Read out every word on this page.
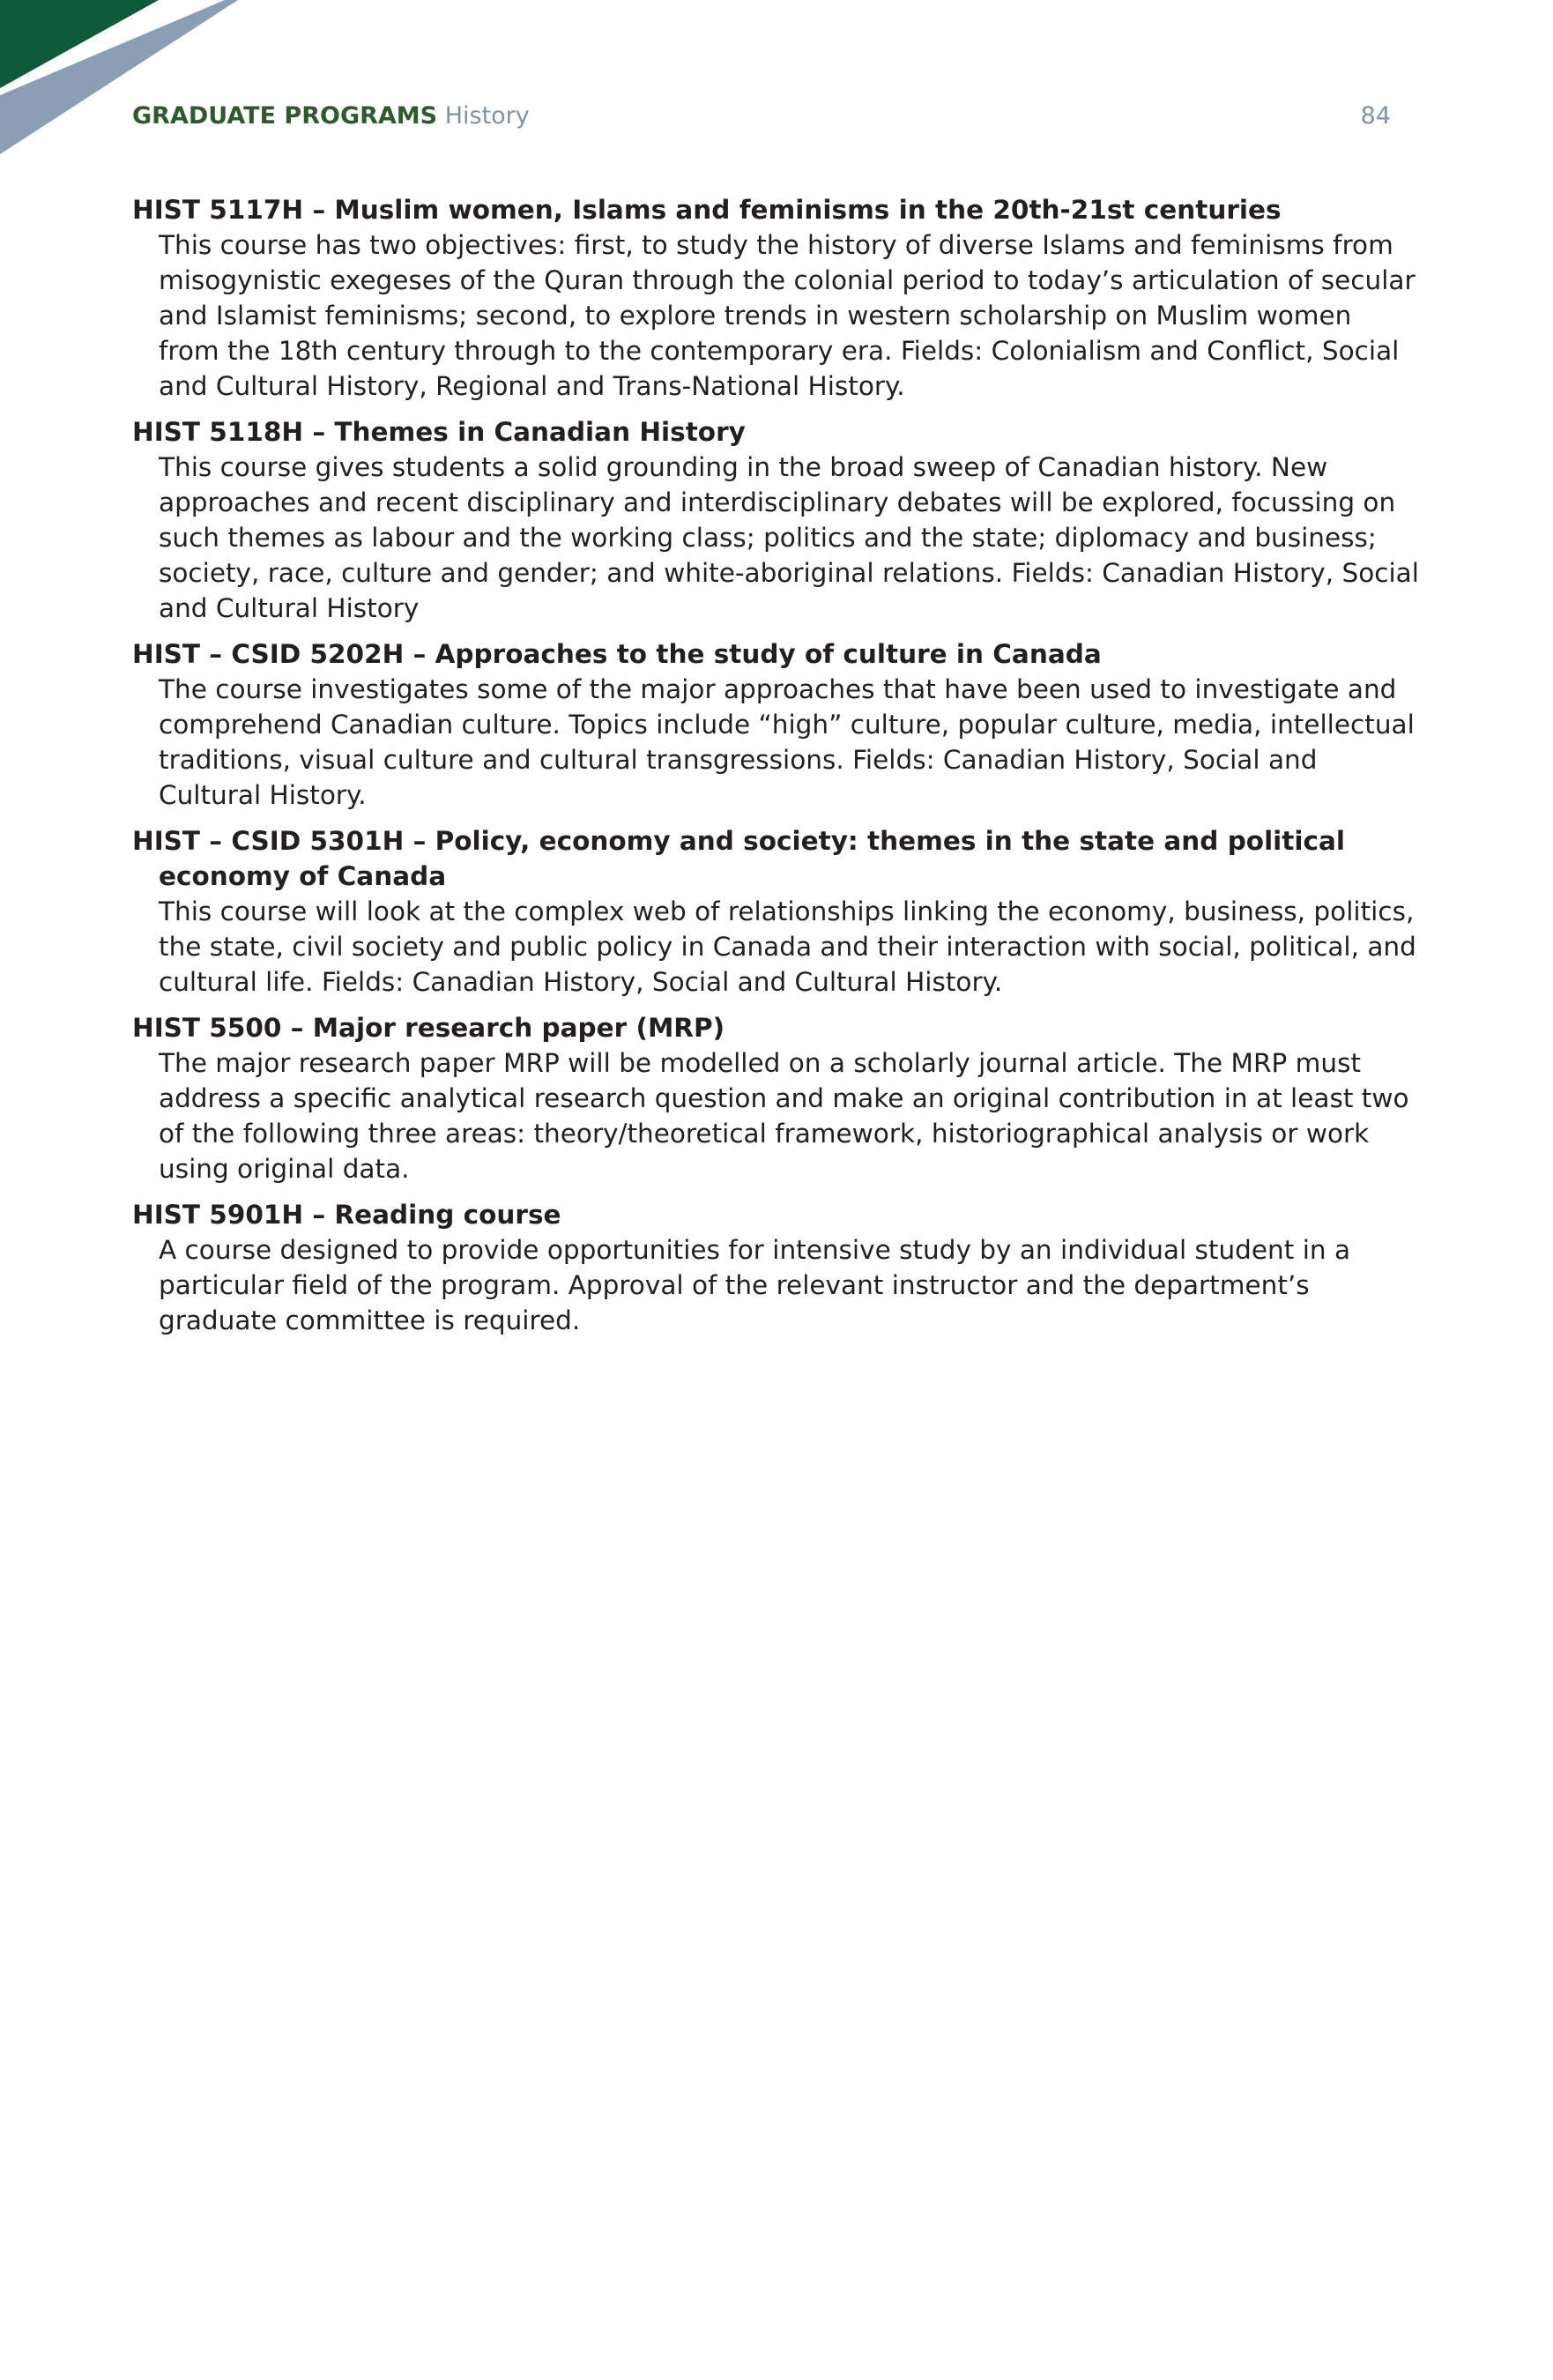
GRADUATE PROGRAMS History	84

HIST 5117H – Muslim women, Islams and feminisms in the 20th-21st centuries

This course has two objectives: first, to study the history of diverse Islams and feminisms from misogynistic exegeses of the Quran through the colonial period to today’s articulation of secular and Islamist feminisms; second, to explore trends in western scholarship on Muslim women from the 18th century through to the contemporary era. Fields: Colonialism and Conflict, Social and Cultural History, Regional and Trans-National History.

HIST 5118H – Themes in Canadian History

This course gives students a solid grounding in the broad sweep of Canadian history. New approaches and recent disciplinary and interdisciplinary debates will be explored, focussing on such themes as labour and the working class; politics and the state; diplomacy and business; society, race, culture and gender; and white-aboriginal relations. Fields: Canadian History, Social and Cultural History

HIST – CSID 5202H – Approaches to the study of culture in Canada

The course investigates some of the major approaches that have been used to investigate and comprehend Canadian culture. Topics include “high” culture, popular culture, media, intellectual traditions, visual culture and cultural transgressions. Fields: Canadian History, Social and Cultural History.

HIST – CSID 5301H – Policy, economy and society: themes in the state and political economy of Canada

This course will look at the complex web of relationships linking the economy, business, politics, the state, civil society and public policy in Canada and their interaction with social, political, and cultural life. Fields: Canadian History, Social and Cultural History.

HIST 5500 – Major research paper (MRP)

The major research paper MRP will be modelled on a scholarly journal article. The MRP must address a specific analytical research question and make an original contribution in at least two of the following three areas: theory/theoretical framework, historiographical analysis or work using original data.

HIST 5901H – Reading course

A course designed to provide opportunities for intensive study by an individual student in a particular field of the program. Approval of the relevant instructor and the department’s graduate committee is required.
